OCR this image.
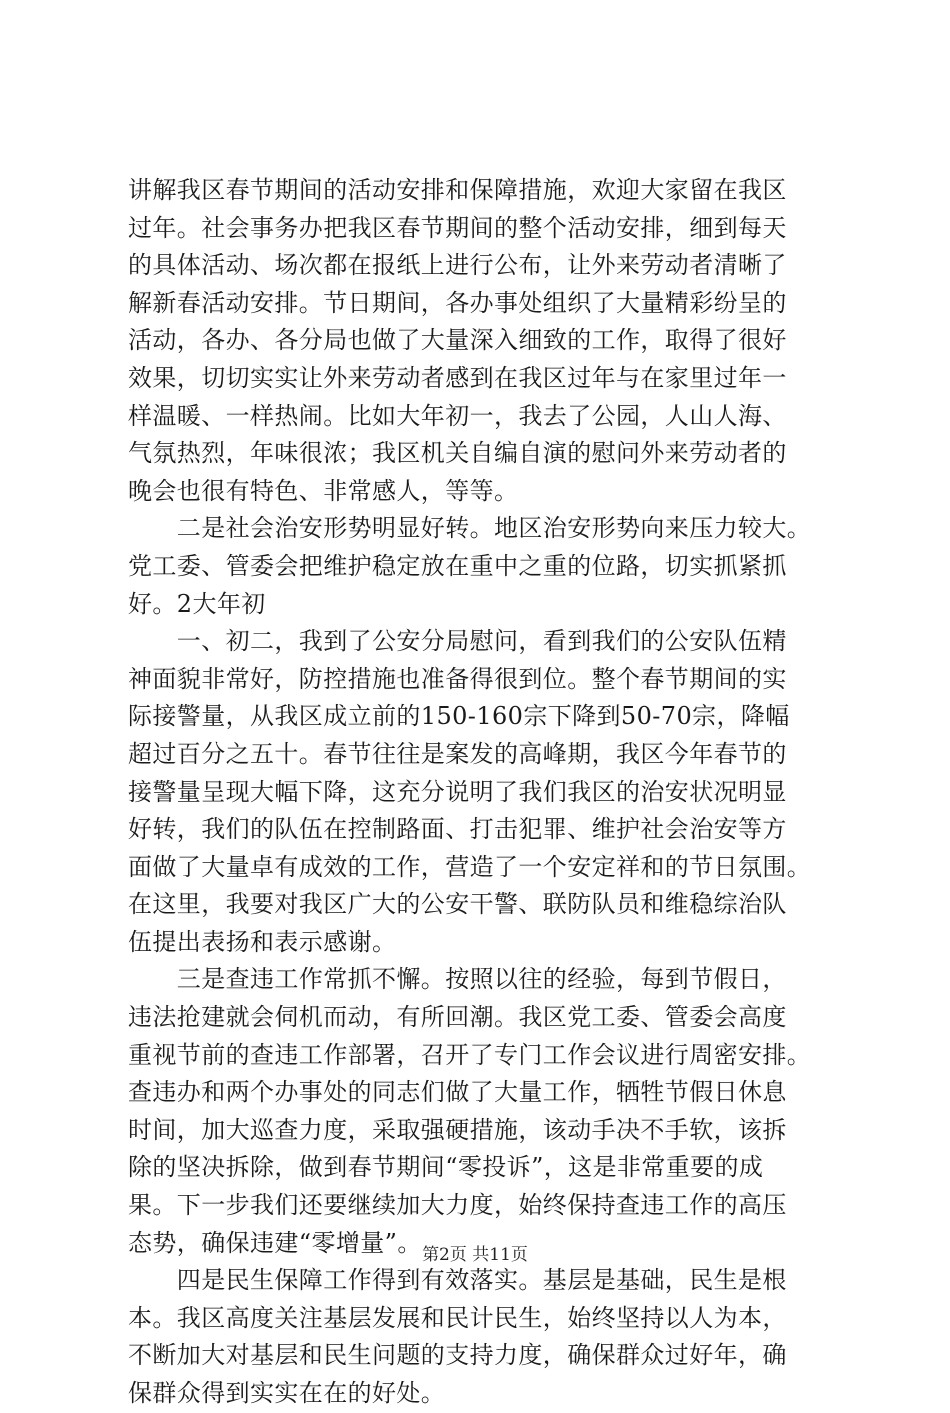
讲解我区春节期间的活动安排和保障措施，欢迎大家留在我区
过年。社会事务办把我区春节期间的整个活动安排，细到每天
的具体活动、场次都在报纸上进行公布，让外来劳动者清晰了
解新春活动安排。节日期间，各办事处组织了大量精彩纷呈的
活动，各办、各分局也做了大量深入细致的工作，取得了很好
效果，切切实实让外来劳动者感到在我区过年与在家里过年一
样温暖、一样热闹。比如大年初一，我去了公园，人山人海、
气氛热烈，年味很浓；我区机关自编自演的慰问外来劳动者的
晚会也很有特色、非常感人，等等。
　　二是社会治安形势明显好转。地区治安形势向来压力较大。
党工委、管委会把维护稳定放在重中之重的位路，切实抓紧抓
好。2大年初
　　一、初二，我到了公安分局慰问，看到我们的公安队伍精
神面貌非常好，防控措施也准备得很到位。整个春节期间的实
际接警量，从我区成立前的150-160宗下降到50-70宗，降幅
超过百分之五十。春节往往是案发的高峰期，我区今年春节的
接警量呈现大幅下降，这充分说明了我们我区的治安状况明显
好转，我们的队伍在控制路面、打击犯罪、维护社会治安等方
面做了大量卓有成效的工作，营造了一个安定祥和的节日氛围。
在这里，我要对我区广大的公安干警、联防队员和维稳综治队
伍提出表扬和表示感谢。
　　三是查违工作常抓不懈。按照以往的经验，每到节假日，
违法抢建就会伺机而动，有所回潮。我区党工委、管委会高度
重视节前的查违工作部署，召开了专门工作会议进行周密安排。
查违办和两个办事处的同志们做了大量工作，牺牲节假日休息
时间，加大巡查力度，采取强硬措施，该动手决不手软，该拆
除的坚决拆除，做到春节期间“零投诉”，这是非常重要的成
果。下一步我们还要继续加大力度，始终保持查违工作的高压
态势，确保违建“零增量”。
　　四是民生保障工作得到有效落实。基层是基础，民生是根
本。我区高度关注基层发展和民计民生，始终坚持以人为本，
不断加大对基层和民生问题的支持力度，确保群众过好年，确
保群众得到实实在在的好处。
第2页 共11页
